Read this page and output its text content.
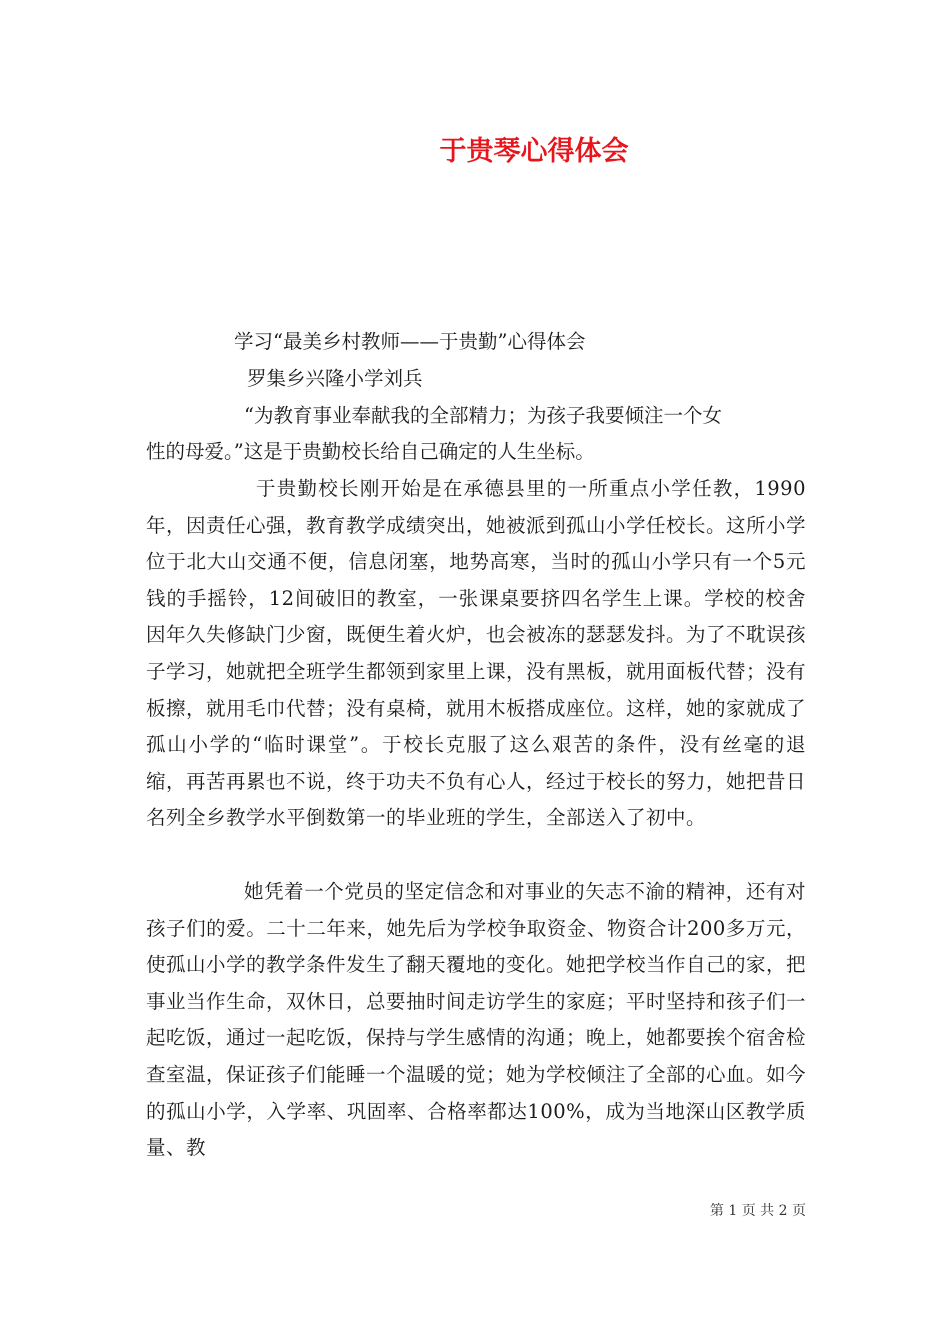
于贵琴心得体会
学习“最美乡村教师——于贵勤”心得体会
罗集乡兴隆小学刘兵
“为教育事业奉献我的全部精力；为孩子我要倾注一个女
性的母爱。”这是于贵勤校长给自己确定的人生坐标。

于贵勤校长刚开始是在承德县里的一所重点小学任教，1990年，因责任心强，教育教学成绩突出，她被派到孤山小学任校长。这所小学位于北大山交通不便，信息闭塞，地势高寒，当时的孤山小学只有一个5元钱的手摇铃，12间破旧的教室，一张课桌要挤四名学生上课。学校的校舍因年久失修缺门少窗，既便生着火炉，也会被冻的瑟瑟发抖。为了不耽误孩子学习，她就把全班学生都领到家里上课，没有黑板，就用面板代替；没有板擦，就用毛巾代替；没有桌椅，就用木板搭成座位。这样，她的家就成了孤山小学的“临时课堂”。于校长克服了这么艰苦的条件，没有丝毫的退缩，再苦再累也不说，终于功夫不负有心人，经过于校长的努力，她把昔日名列全乡教学水平倒数第一的毕业班的学生，全部送入了初中。

她凭着一个党员的坚定信念和对事业的矢志不渝的精神，还有对孩子们的爱。二十二年来，她先后为学校争取资金、物资合计200多万元，使孤山小学的教学条件发生了翻天覆地的变化。她把学校当作自己的家，把事业当作生命，双休日，总要抽时间走访学生的家庭；平时坚持和孩子们一起吃饭，通过一起吃饭，保持与学生感情的沟通；晚上，她都要挨个宿舍检查室温，保证孩子们能睡一个温暖的觉；她为学校倾注了全部的心血。如今的孤山小学，入学率、巩固率、合格率都达100%，成为当地深山区教学质量、教

第 1 页 共 2 页
